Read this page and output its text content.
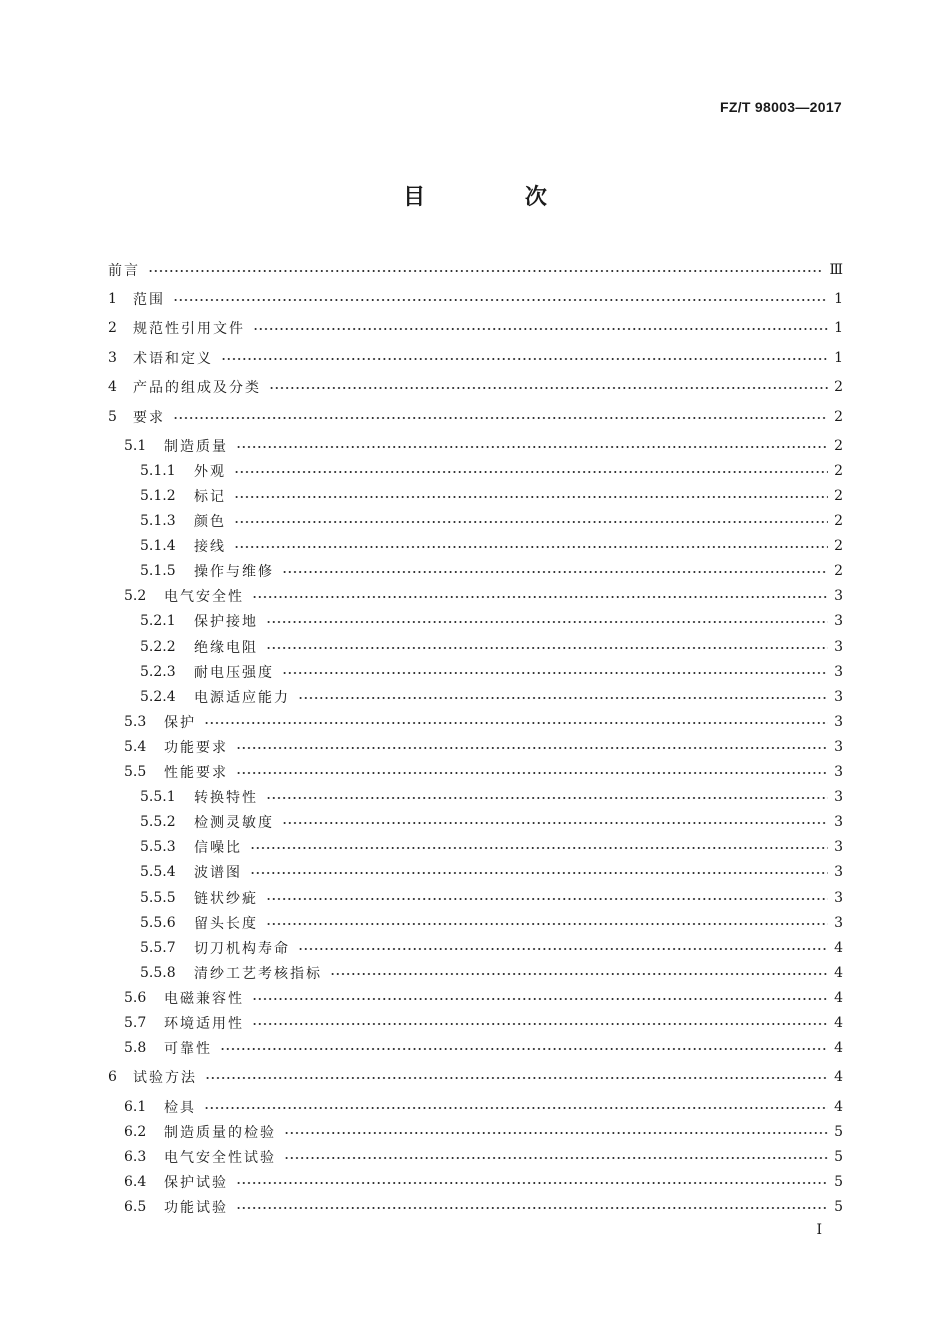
FZ/T 98003—2017
目 次
前言	Ⅲ
1	范围	1
2	规范性引用文件	1
3	术语和定义	1
4	产品的组成及分类	2
5	要求	2
5.1	制造质量	2
5.1.1	外观	2
5.1.2	标记	2
5.1.3	颜色	2
5.1.4	接线	2
5.1.5	操作与维修	2
5.2	电气安全性	3
5.2.1	保护接地	3
5.2.2	绝缘电阻	3
5.2.3	耐电压强度	3
5.2.4	电源适应能力	3
5.3	保护	3
5.4	功能要求	3
5.5	性能要求	3
5.5.1	转换特性	3
5.5.2	检测灵敏度	3
5.5.3	信噪比	3
5.5.4	波谱图	3
5.5.5	链状纱疵	3
5.5.6	留头长度	3
5.5.7	切刀机构寿命	4
5.5.8	清纱工艺考核指标	4
5.6	电磁兼容性	4
5.7	环境适用性	4
5.8	可靠性	4
6	试验方法	4
6.1	检具	4
6.2	制造质量的检验	5
6.3	电气安全性试验	5
6.4	保护试验	5
6.5	功能试验	5
I
